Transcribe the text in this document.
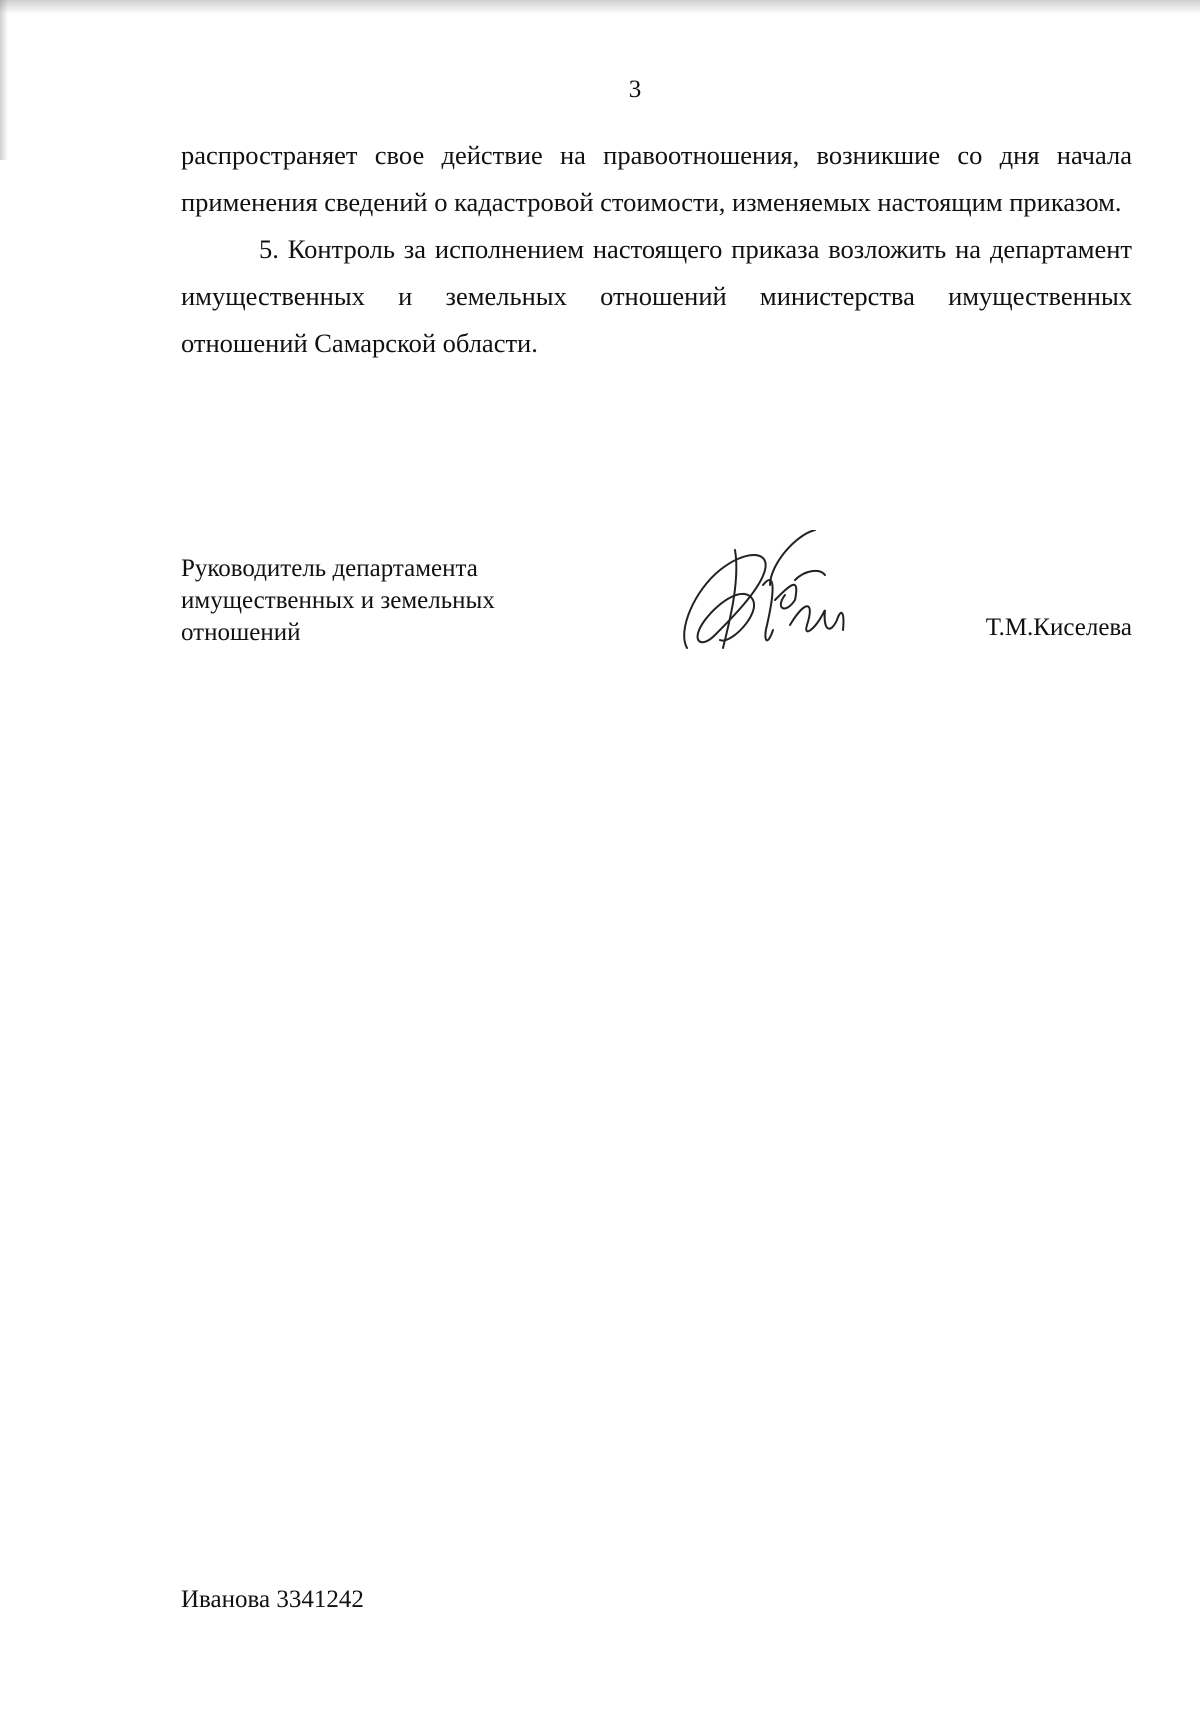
3

распространяет свое действие на правоотношения, возникшие со дня начала применения сведений о кадастровой стоимости, изменяемых настоящим приказом.

5. Контроль за исполнением настоящего приказа возложить на департамент имущественных и земельных отношений министерства имущественных отношений Самарской области.

Руководитель департамента
имущественных и земельных
отношений	Т.М.Киселева
Иванова 3341242
